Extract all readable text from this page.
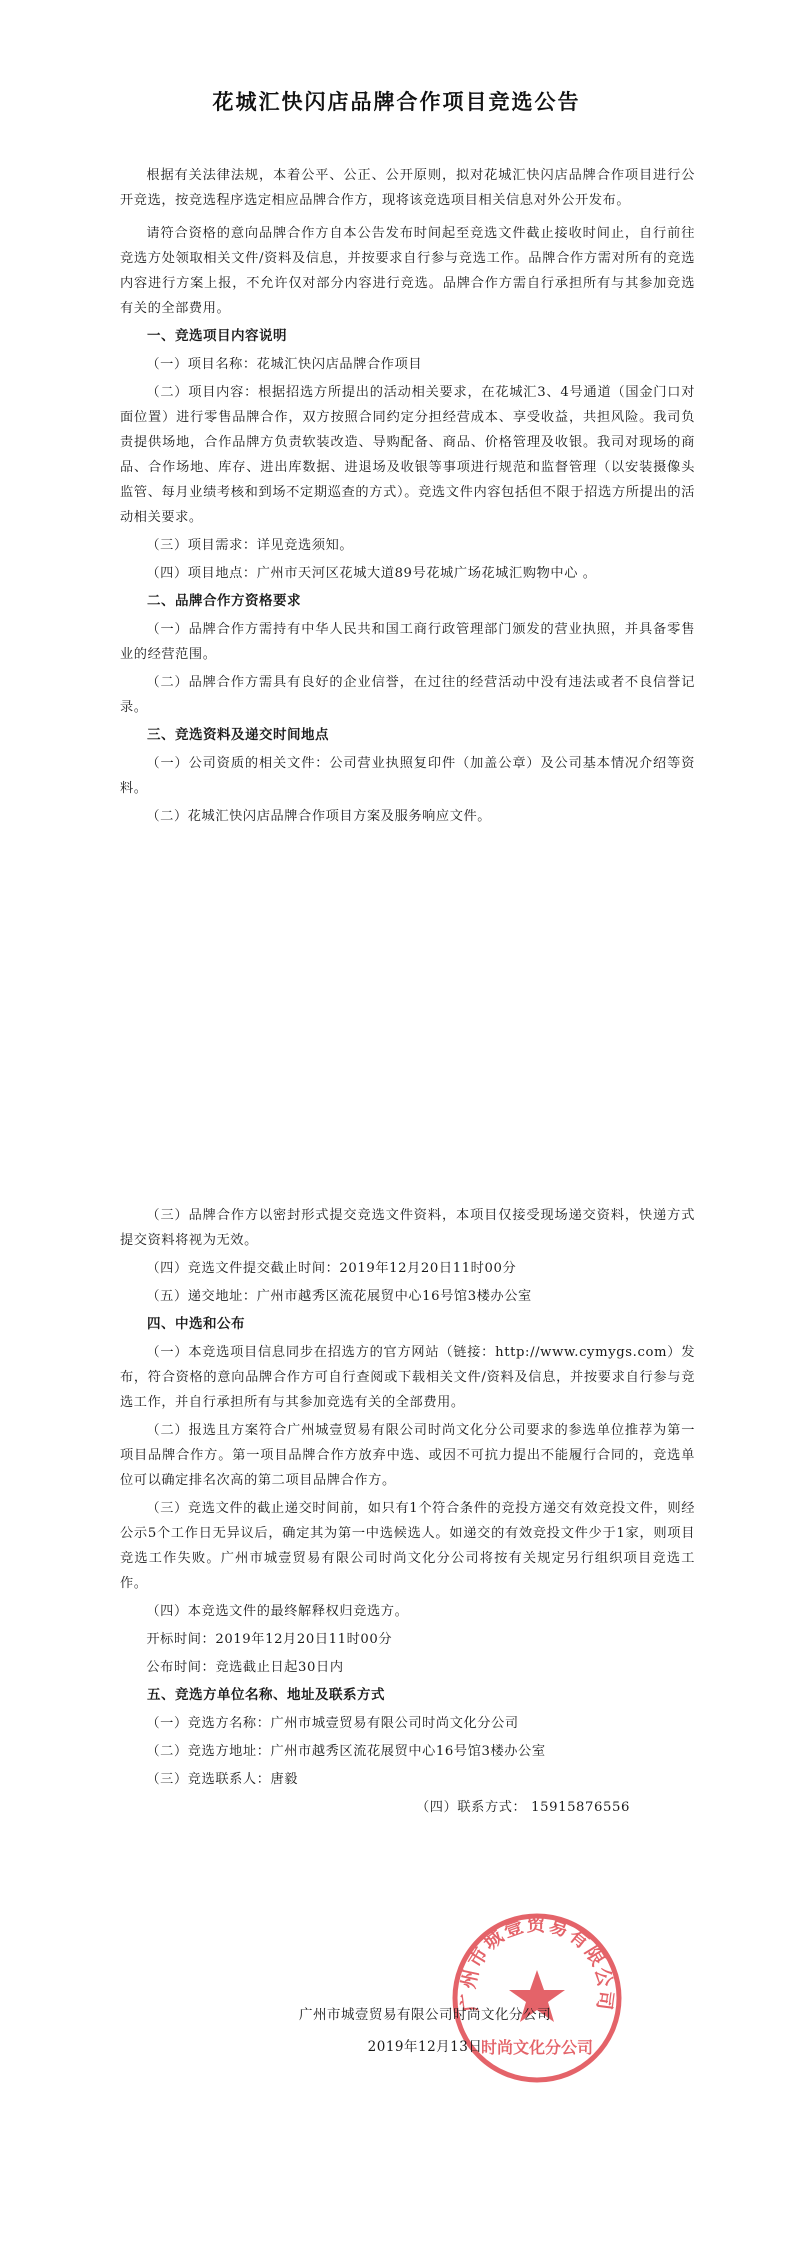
花城汇快闪店品牌合作项目竞选公告

根据有关法律法规，本着公平、公正、公开原则，拟对花城汇快闪店品牌合作项目进行公开竞选，按竞选程序选定相应品牌合作方，现将该竞选项目相关信息对外公开发布。

请符合资格的意向品牌合作方自本公告发布时间起至竞选文件截止接收时间止，自行前往竞选方处领取相关文件/资料及信息，并按要求自行参与竞选工作。品牌合作方需对所有的竞选内容进行方案上报，不允许仅对部分内容进行竞选。品牌合作方需自行承担所有与其参加竞选有关的全部费用。

一、竞选项目内容说明

（一）项目名称：花城汇快闪店品牌合作项目

（二）项目内容：根据招选方所提出的活动相关要求，在花城汇3、4号通道（国金门口对面位置）进行零售品牌合作，双方按照合同约定分担经营成本、享受收益，共担风险。我司负责提供场地，合作品牌方负责软装改造、导购配备、商品、价格管理及收银。我司对现场的商品、合作场地、库存、进出库数据、进退场及收银等事项进行规范和监督管理（以安装摄像头监管、每月业绩考核和到场不定期巡查的方式）。竞选文件内容包括但不限于招选方所提出的活动相关要求。

（三）项目需求：详见竞选须知。

（四）项目地点：广州市天河区花城大道89号花城广场花城汇购物中心 。

二、品牌合作方资格要求

（一）品牌合作方需持有中华人民共和国工商行政管理部门颁发的营业执照，并具备零售业的经营范围。

（二）品牌合作方需具有良好的企业信誉，在过往的经营活动中没有违法或者不良信誉记录。

三、竞选资料及递交时间地点

（一）公司资质的相关文件：公司营业执照复印件（加盖公章）及公司基本情况介绍等资料。

（二）花城汇快闪店品牌合作项目方案及服务响应文件。

（三）品牌合作方以密封形式提交竞选文件资料，本项目仅接受现场递交资料，快递方式提交资料将视为无效。

（四）竞选文件提交截止时间：2019年12月20日11时00分

（五）递交地址：广州市越秀区流花展贸中心16号馆3楼办公室

四、中选和公布

（一）本竞选项目信息同步在招选方的官方网站（链接：http://www.cymygs.com）发布，符合资格的意向品牌合作方可自行查阅或下载相关文件/资料及信息，并按要求自行参与竞选工作，并自行承担所有与其参加竞选有关的全部费用。

（二）报选且方案符合广州城壹贸易有限公司时尚文化分公司要求的参选单位推荐为第一项目品牌合作方。第一项目品牌合作方放弃中选、或因不可抗力提出不能履行合同的，竞选单位可以确定排名次高的第二项目品牌合作方。

（三）竞选文件的截止递交时间前，如只有1个符合条件的竞投方递交有效竞投文件，则经公示5个工作日无异议后，确定其为第一中选候选人。如递交的有效竞投文件少于1家，则项目竞选工作失败。广州市城壹贸易有限公司时尚文化分公司将按有关规定另行组织项目竞选工作。

（四）本竞选文件的最终解释权归竞选方。

开标时间：2019年12月20日11时00分

公布时间：竞选截止日起30日内

五、竞选方单位名称、地址及联系方式

（一）竞选方名称：广州市城壹贸易有限公司时尚文化分公司

（二）竞选方地址：广州市越秀区流花展贸中心16号馆3楼办公室

（三）竞选联系人：唐毅

（四）联系方式： 15915876556

广州市城壹贸易有限公司
时尚文化分公司
广州市城壹贸易有限公司时尚文化分公司
2019年12月13日
